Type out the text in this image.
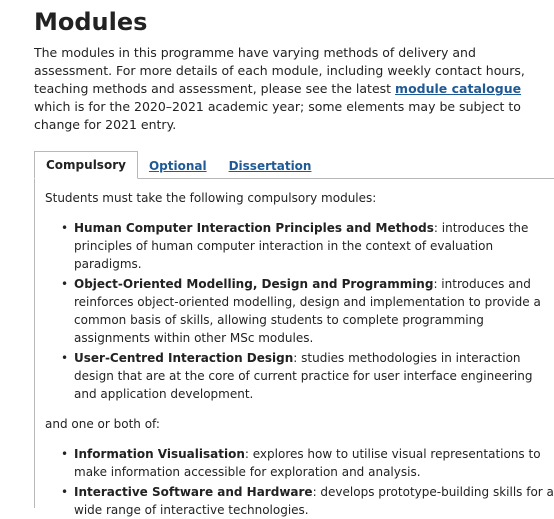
Modules

The modules in this programme have varying methods of delivery and assessment. For more details of each module, including weekly contact hours, teaching methods and assessment, please see the latest module catalogue which is for the 2020–2021 academic year; some elements may be subject to change for 2021 entry.

Compulsory	Optional	Dissertation

Students must take the following compulsory modules:

• Human Computer Interaction Principles and Methods: introduces the principles of human computer interaction in the context of evaluation paradigms.
• Object-Oriented Modelling, Design and Programming: introduces and reinforces object-oriented modelling, design and implementation to provide a common basis of skills, allowing students to complete programming assignments within other MSc modules.
• User-Centred Interaction Design: studies methodologies in interaction design that are at the core of current practice for user interface engineering and application development.

and one or both of:

• Information Visualisation: explores how to utilise visual representations to make information accessible for exploration and analysis.
• Interactive Software and Hardware: develops prototype-building skills for a wide range of interactive technologies.
